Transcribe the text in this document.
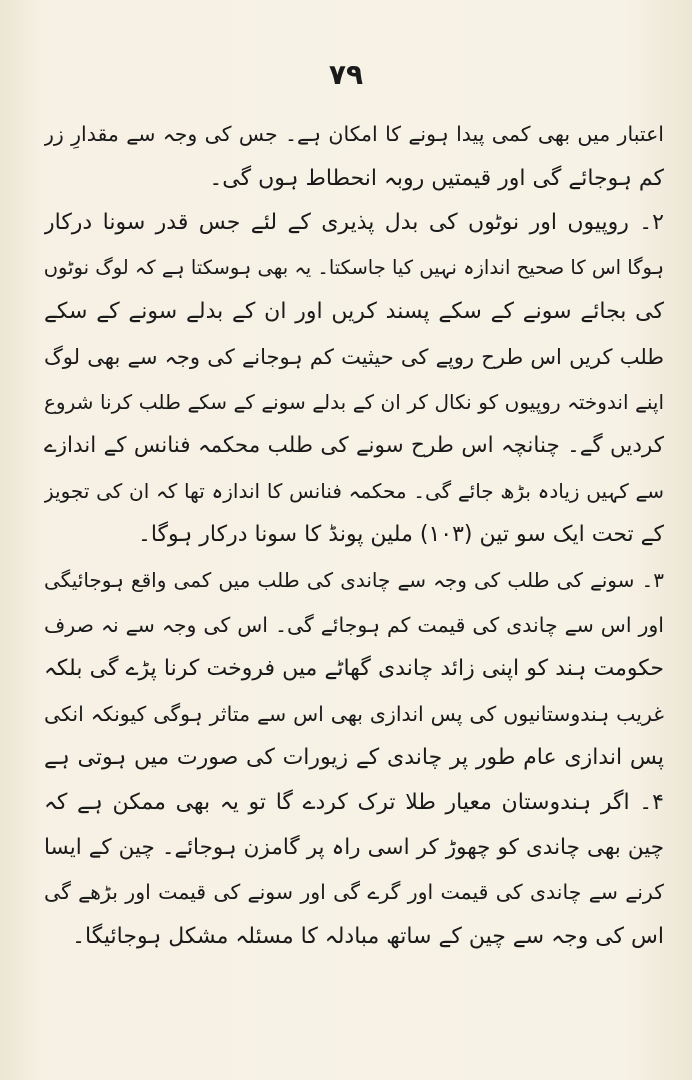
۷۹
اعتبار میں بھی کمی پیدا ہونے کا امکان ہے۔ جس کی وجہ سے مقدارِ زر
کم ہوجائے گی اور قیمتیں روبہ انحطاط ہوں گی۔
۲۔ روپیوں اور نوٹوں کی بدل پذیری کے لئے جس قدر سونا درکار
ہوگا اس کا صحیح اندازہ نہیں کیا جاسکتا۔ یہ بھی ہوسکتا ہے کہ لوگ نوٹوں
کی بجائے سونے کے سکے پسند کریں اور ان کے بدلے سونے کے سکے
طلب کریں اس طرح روپے کی حیثیت کم ہوجانے کی وجہ سے بھی لوگ
اپنے اندوختہ روپیوں کو نکال کر ان کے بدلے سونے کے سکے طلب کرنا شروع
کردیں گے۔ چنانچہ اس طرح سونے کی طلب محکمہ فنانس کے اندازے
سے کہیں زیادہ بڑھ جائے گی۔ محکمہ فنانس کا اندازہ تھا کہ ان کی تجویز
کے تحت ایک سو تین (۱۰۳) ملین پونڈ کا سونا درکار ہوگا۔
۳۔ سونے کی طلب کی وجہ سے چاندی کی طلب میں کمی واقع ہوجائیگی
اور اس سے چاندی کی قیمت کم ہوجائے گی۔ اس کی وجہ سے نہ صرف
حکومت ہند کو اپنی زائد چاندی گھاٹے میں فروخت کرنا پڑے گی بلکہ
غریب ہندوستانیوں کی پس اندازی بھی اس سے متاثر ہوگی کیونکہ انکی
پس اندازی عام طور پر چاندی کے زیورات کی صورت میں ہوتی ہے
۴۔ اگر ہندوستان معیار طلا ترک کردے گا تو یہ بھی ممکن ہے کہ
چین بھی چاندی کو چھوڑ کر اسی راہ پر گامزن ہوجائے۔ چین کے ایسا
کرنے سے چاندی کی قیمت اور گرے گی اور سونے کی قیمت اور بڑھے گی
اس کی وجہ سے چین کے ساتھ مبادلہ کا مسئلہ مشکل ہوجائیگا۔
